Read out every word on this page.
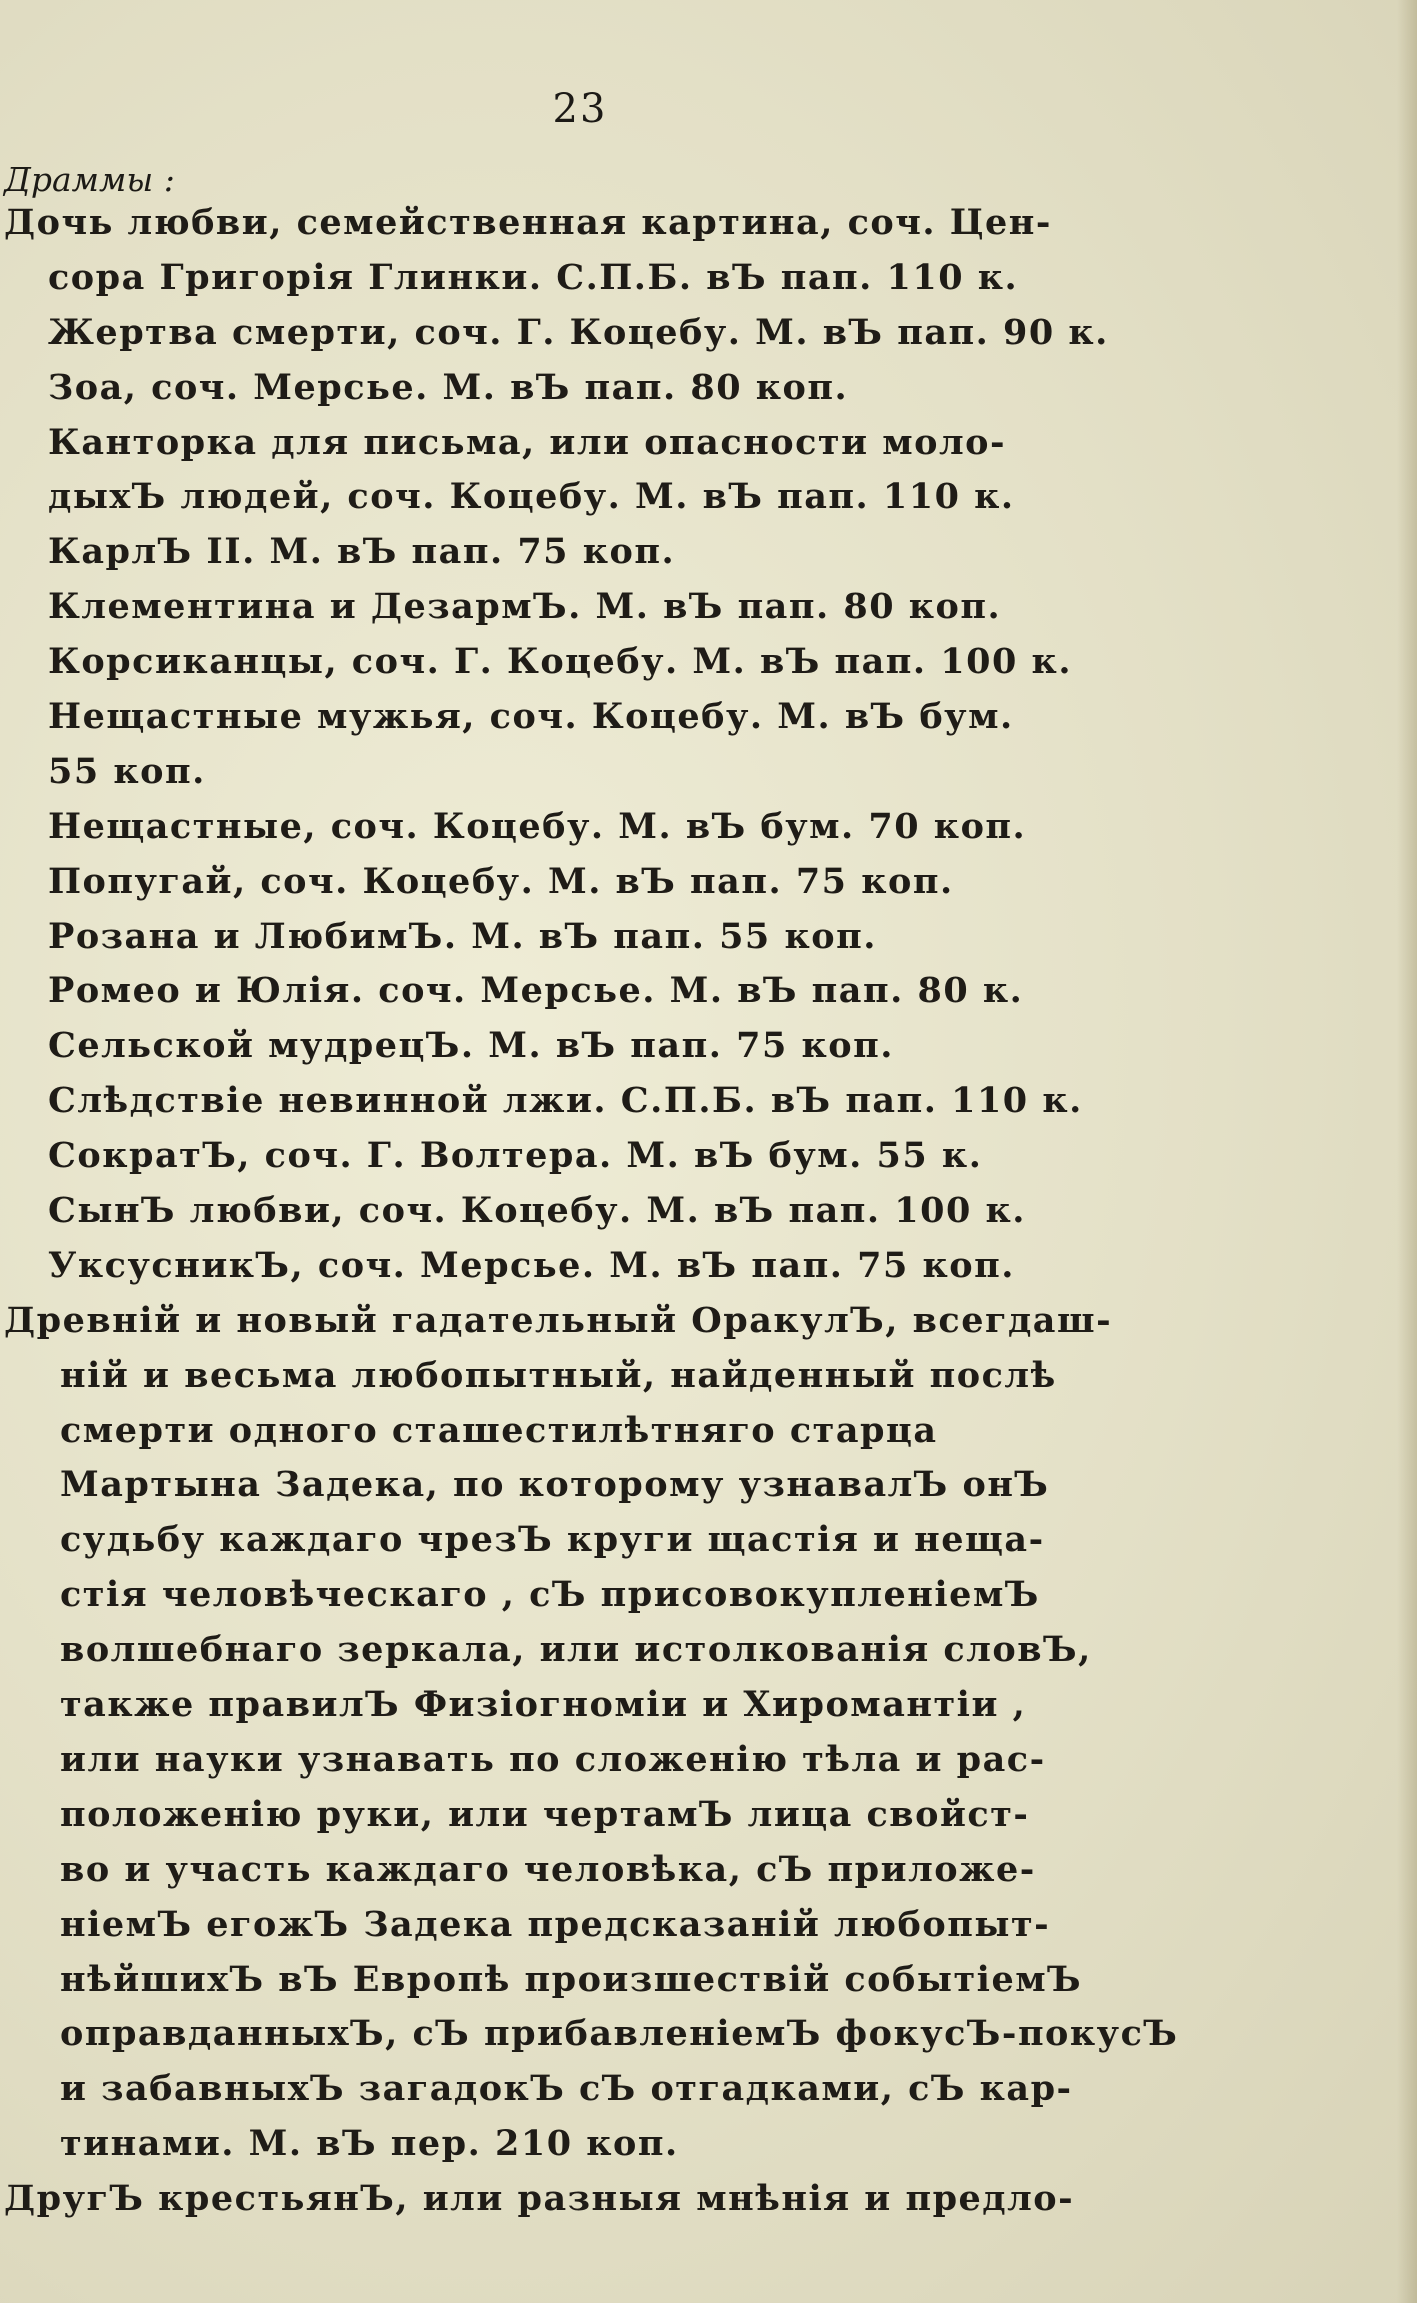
23
Драммы :
Дочь любви, семейственная картина, соч. Цен-
сора Григорія Глинки. С.П.Б. вЪ пап. 110 к.
Жертва смерти, соч. Г. Коцебу. М. вЪ пап. 90 к.
Зоа, соч. Мерсье. М. вЪ пап. 80 коп.
Канторка для письма, или опасности моло-
дыхЪ людей, соч. Коцебу. М. вЪ пап. 110 к.
КарлЪ II. М. вЪ пап. 75 коп.
Клементина и ДезармЪ. М. вЪ пап. 80 коп.
Корсиканцы, соч. Г. Коцебу. М. вЪ пап. 100 к.
Нещастные мужья, соч. Коцебу. М. вЪ бум.
55 коп.
Нещастные, соч. Коцебу. М. вЪ бум. 70 коп.
Попугай, соч. Коцебу. М. вЪ пап. 75 коп.
Розана и ЛюбимЪ. М. вЪ пап. 55 коп.
Ромео и Юлія. соч. Мерсье. М. вЪ пап. 80 к.
Сельской мудрецЪ. М. вЪ пап. 75 коп.
Слѣдствіе невинной лжи. С.П.Б. вЪ пап. 110 к.
СократЪ, соч. Г. Волтера. М. вЪ бум. 55 к.
СынЪ любви, соч. Коцебу. М. вЪ пап. 100 к.
УксусникЪ, соч. Мерсье. М. вЪ пап. 75 коп.
Древній и новый гадательный ОракулЪ, всегдаш-
ній и весьма любопытный, найденный послѣ
смерти одного сташестилѣтняго старца
Мартына Задека, по которому узнавалЪ онЪ
судьбу каждаго чрезЪ круги щастія и неща-
стія человѣческаго , сЪ присовокупленіемЪ
волшебнаго зеркала, или истолкованія словЪ,
также правилЪ Физіогноміи и Хиромантіи ,
или науки узнавать по сложенію тѣла и рас-
положенію руки, или чертамЪ лица свойст-
во и участь каждаго человѣка, сЪ приложе-
ніемЪ егожЪ Задека предсказаній любопыт-
нѣйшихЪ вЪ Европѣ произшествій событіемЪ
оправданныхЪ, сЪ прибавленіемЪ фокусЪ-покусЪ
и забавныхЪ загадокЪ сЪ отгадками, сЪ кар-
тинами. М. вЪ пер. 210 коп.
ДругЪ крестьянЪ, или разныя мнѣнія и предло-
